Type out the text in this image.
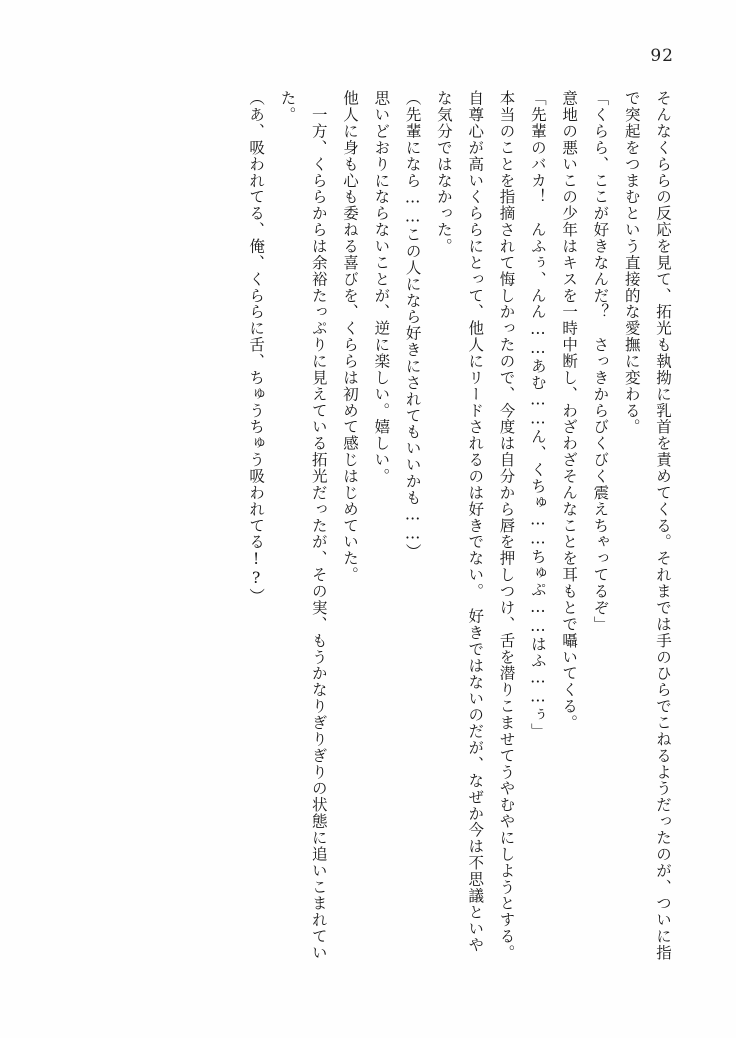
92

そんなくららの反応を見て、拓光も執拗に乳首を責めてくる。それまでは手のひらでこねるようだったのが、ついに指で突起をつまむという直接的な愛撫に変わる。

「くらら、ここが好きなんだ？　さっきからびくびく震えちゃってるぞ」

意地の悪いこの少年はキスを一時中断し、わざわざそんなことを耳もとで囁いてくる。

「先輩のバカ！　んふぅ、んん……あむ……ん、くちゅ……ちゅぷ……はふ……ぅ」

本当のことを指摘されて悔しかったので、今度は自分から唇を押しつけ、舌を潜りこませてうやむやにしようとする。自尊心が高いくららにとって、他人にリードされるのは好きでない。　好きではないのだが、なぜか今は不思議といやな気分ではなかった。

（先輩になら……この人になら好きにされてもいいかも……）

思いどおりにならないことが、逆に楽しい。嬉しい。

他人に身も心も委ねる喜びを、くららは初めて感じはじめていた。

　一方、くららからは余裕たっぷりに見えている拓光だったが、その実、もうかなりぎりぎりの状態に追いこまれていた。

（あ、吸われてる、俺、くららに舌、ちゅうちゅう吸われてる!?）
